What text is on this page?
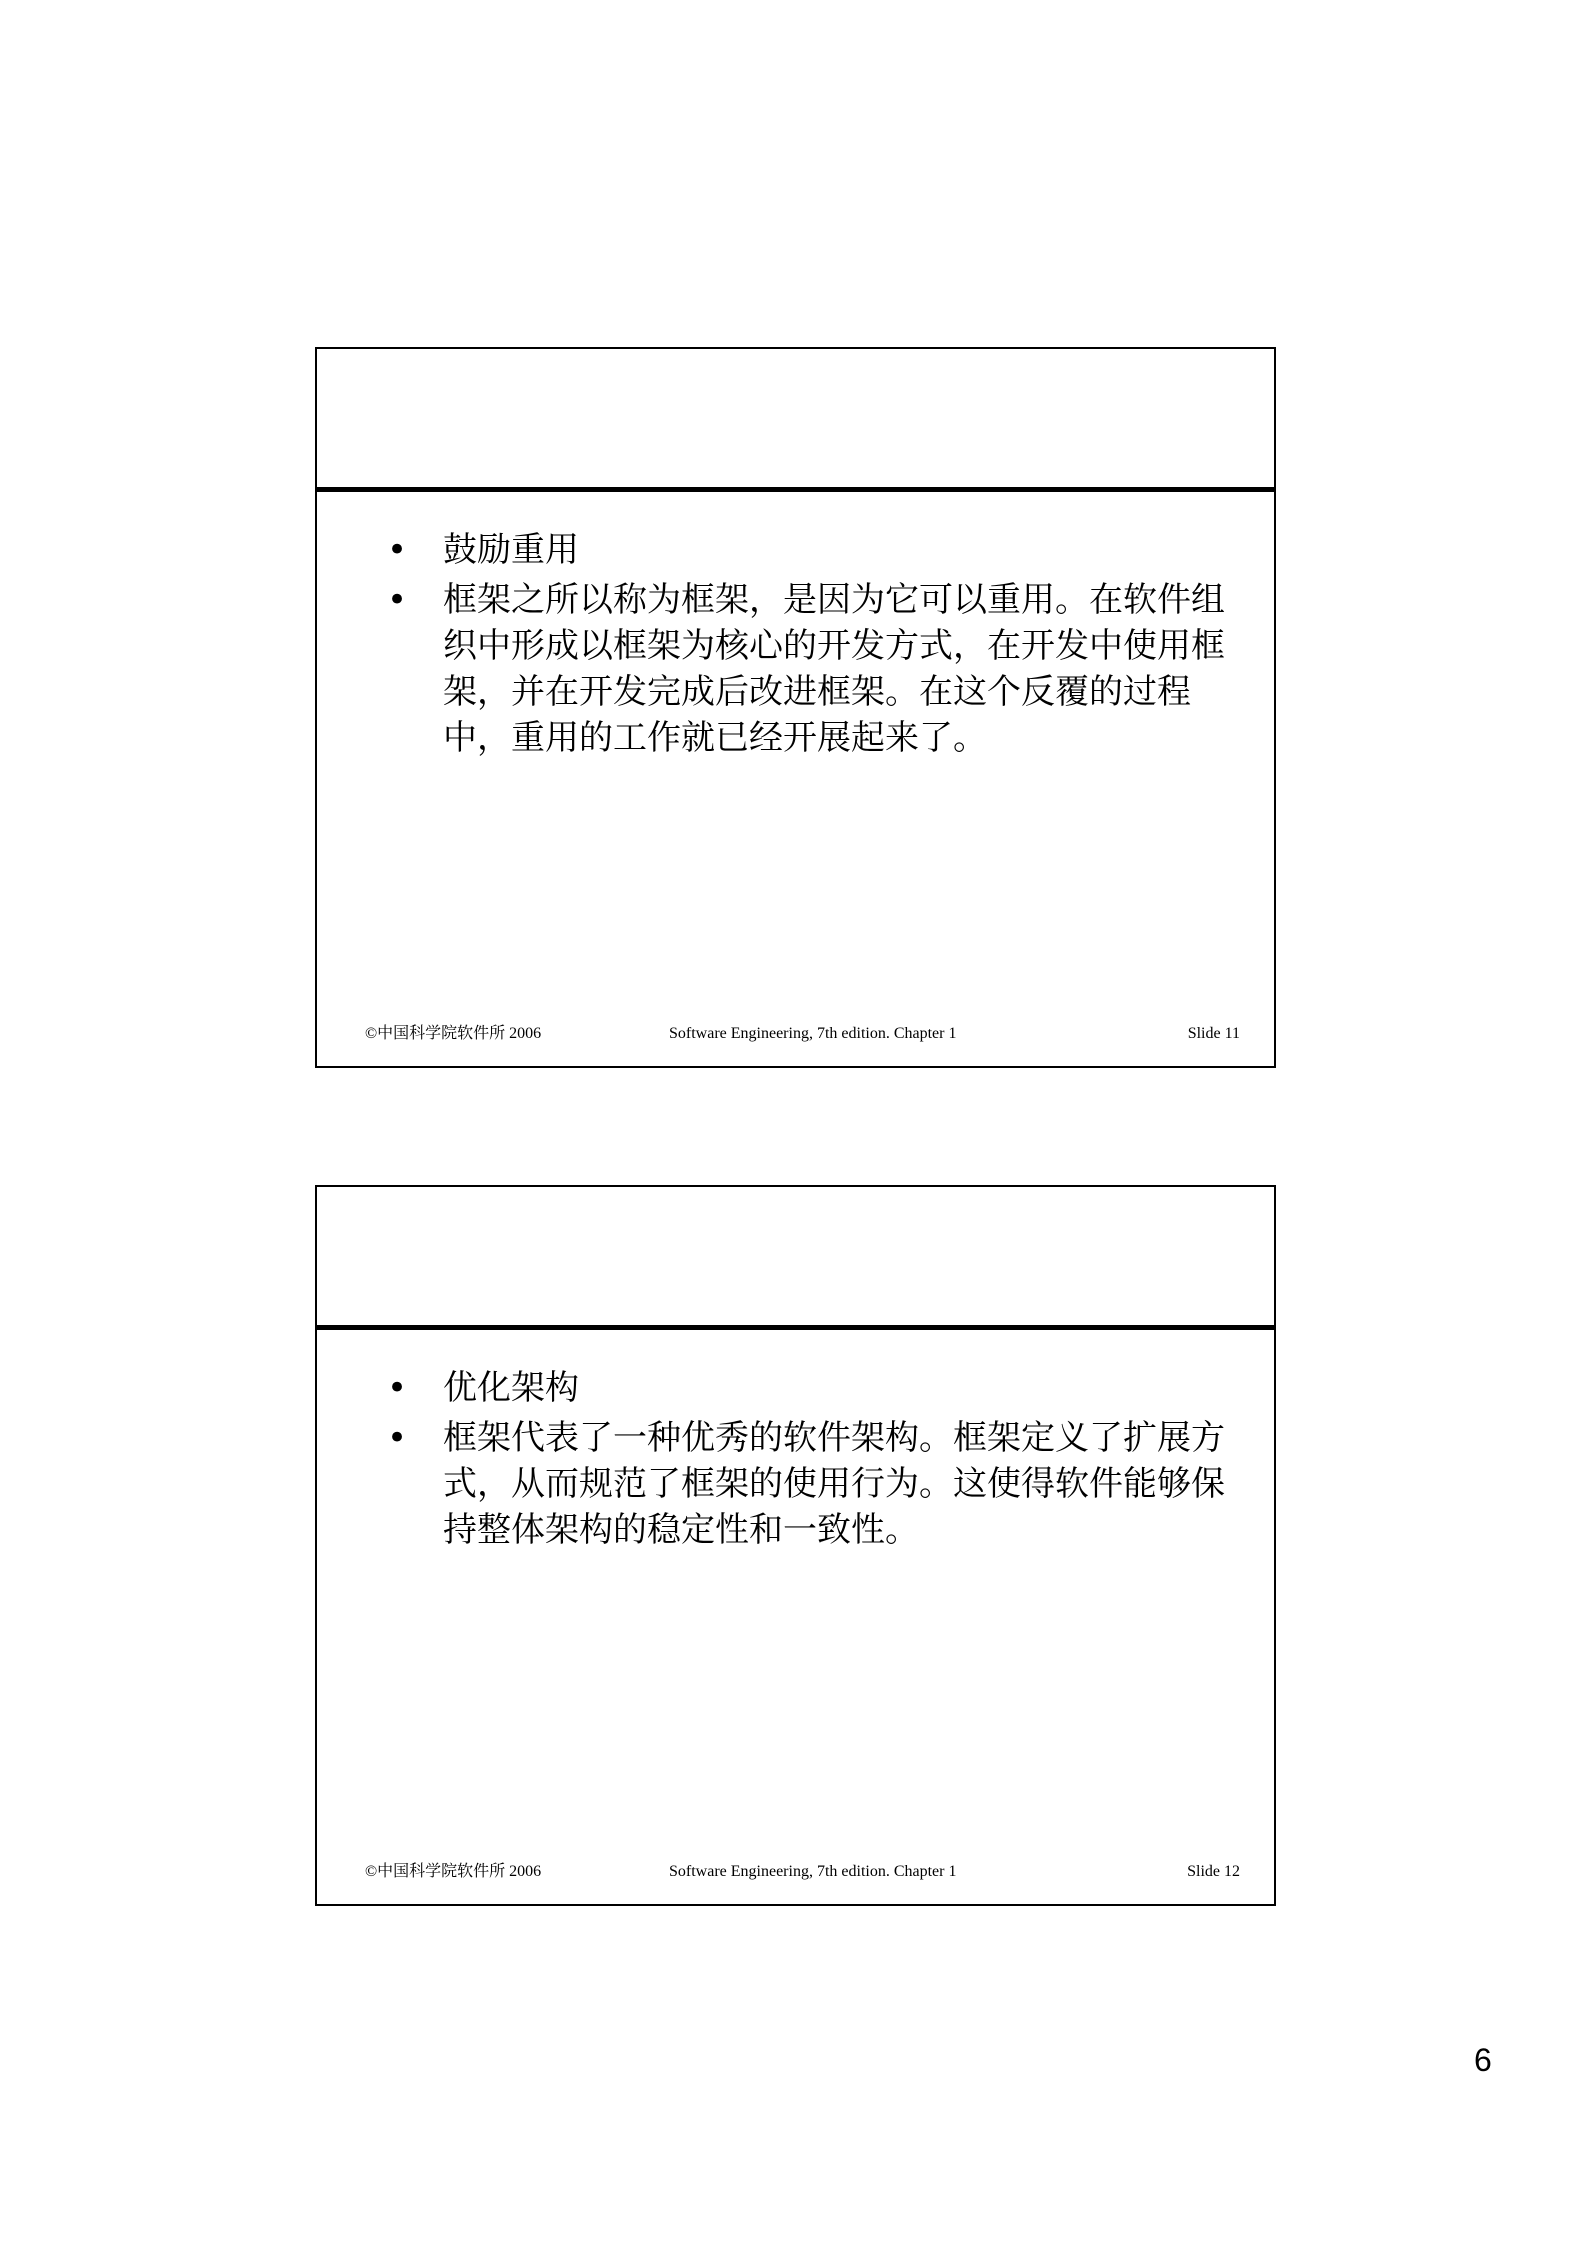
• 鼓励重用
• 框架之所以称为框架，是因为它可以重用。在软件组织中形成以框架为核心的开发方式，在开发中使用框架，并在开发完成后改进框架。在这个反覆的过程中，重用的工作就已经开展起来了。
©中国科学院软件所 2006	Software Engineering, 7th edition. Chapter 1	Slide 11
• 优化架构
• 框架代表了一种优秀的软件架构。框架定义了扩展方式，从而规范了框架的使用行为。这使得软件能够保持整体架构的稳定性和一致性。
©中国科学院软件所 2006	Software Engineering, 7th edition. Chapter 1	Slide 12
6
